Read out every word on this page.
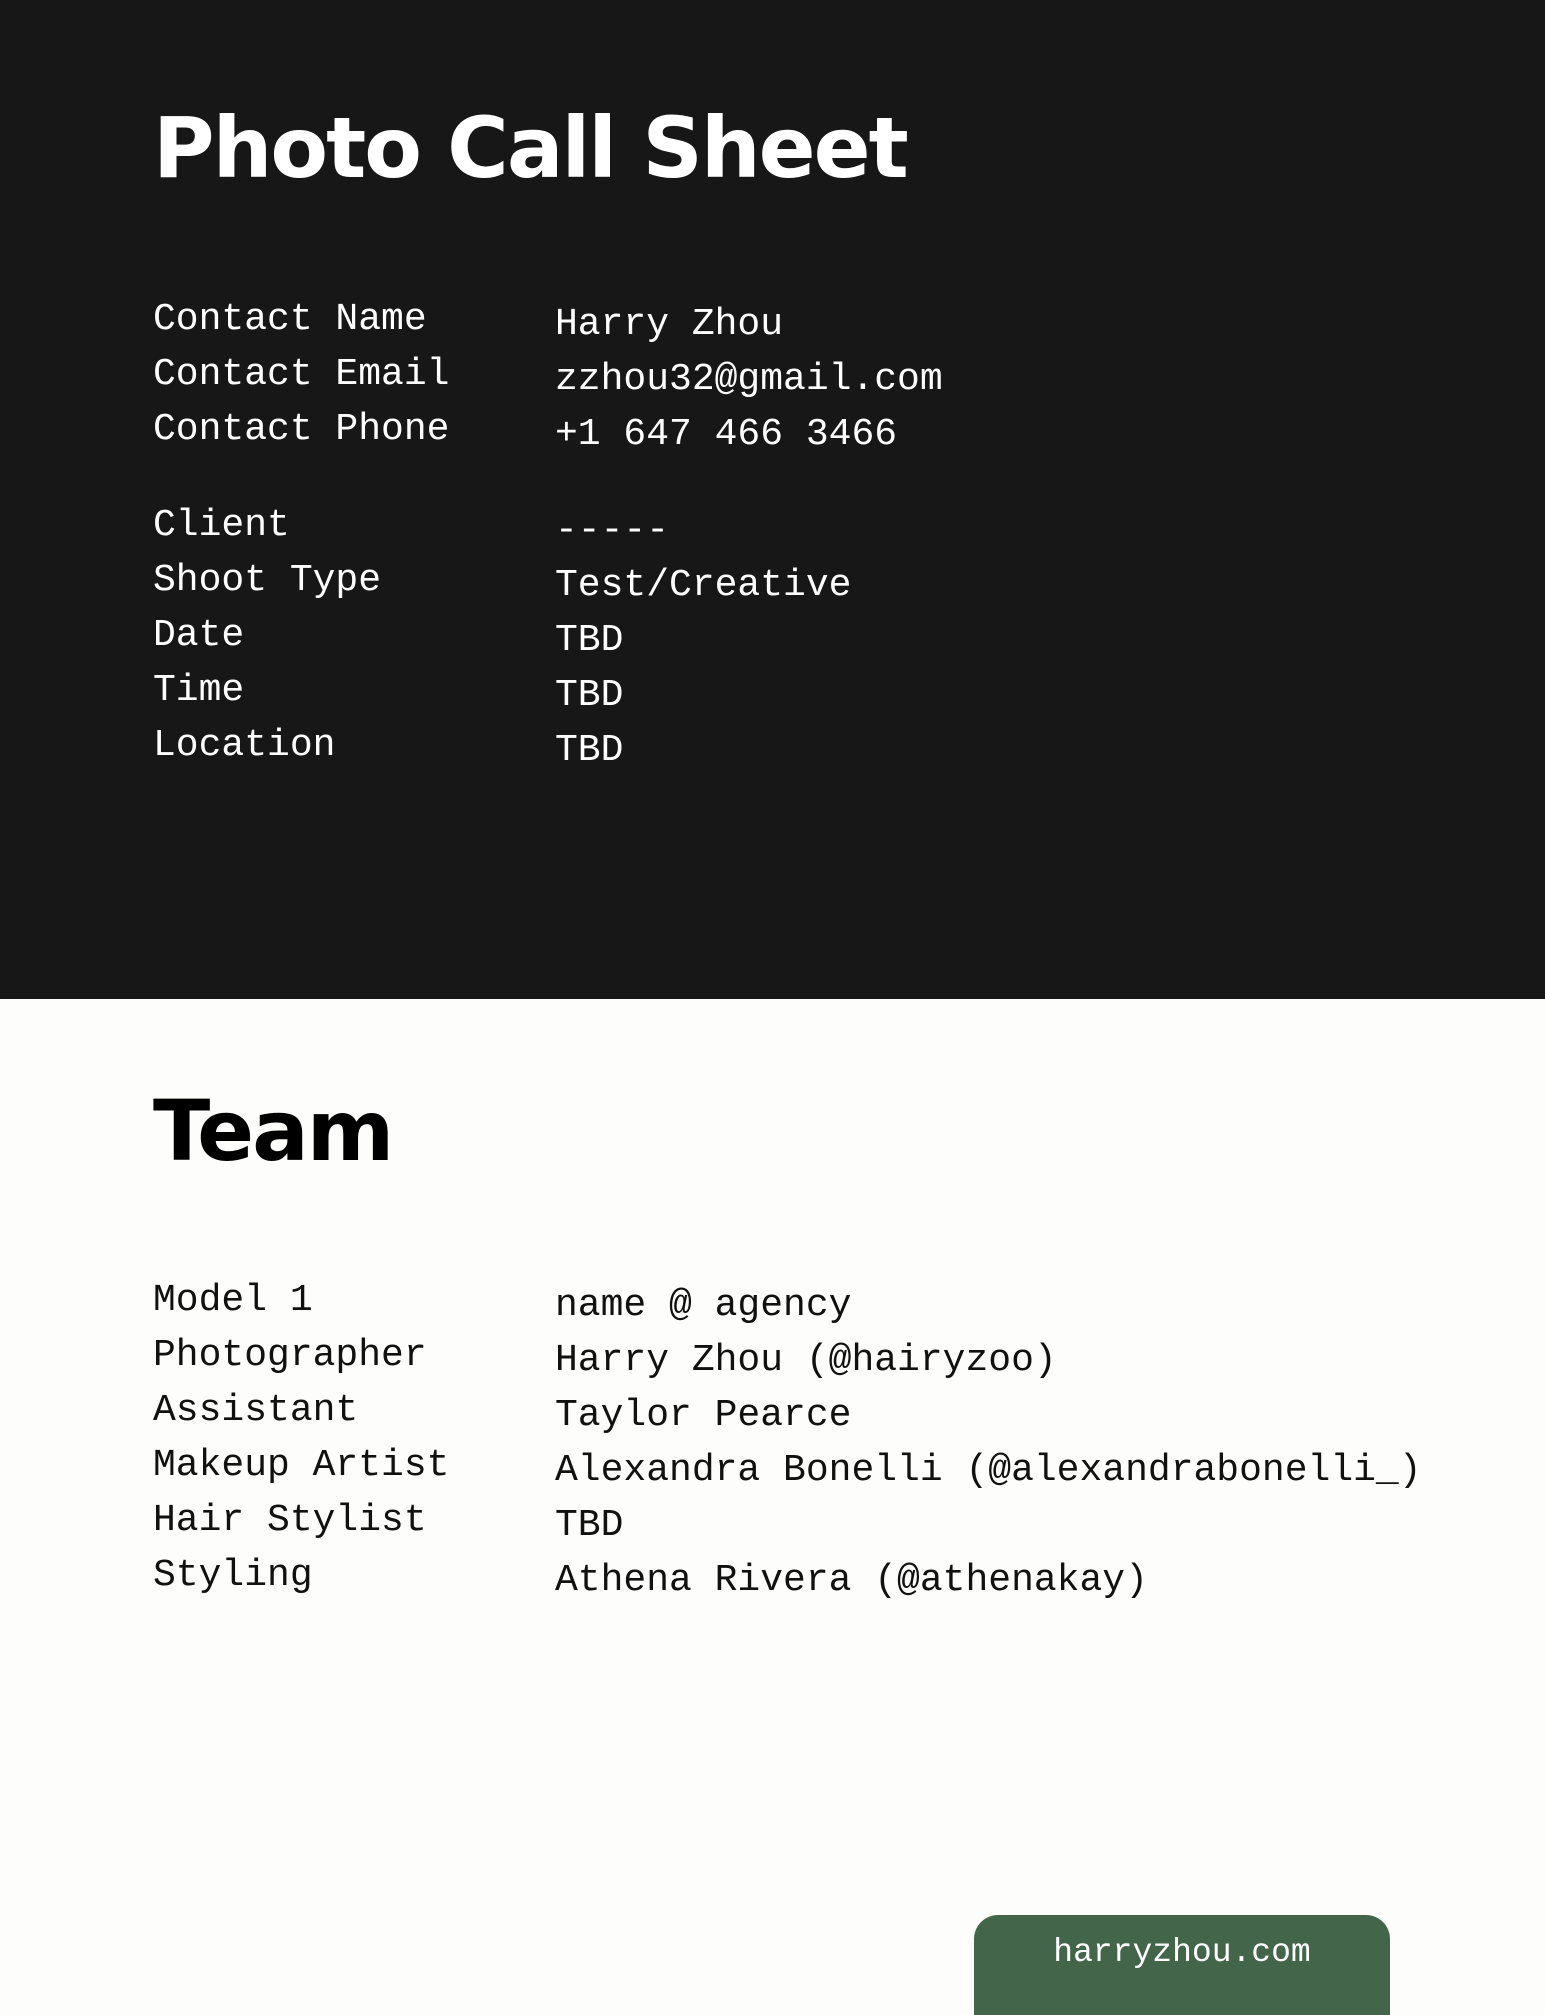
Photo Call Sheet
Contact Name	Harry Zhou
Contact Email	zzhou32@gmail.com
Contact Phone	+1 647 466 3466
Client	-----
Shoot Type	Test/Creative
Date	TBD
Time	TBD
Location	TBD
Team
Model 1	name @ agency
Photographer	Harry Zhou (@hairyzoo)
Assistant	Taylor Pearce
Makeup Artist	Alexandra Bonelli (@alexandrabonelli_)
Hair Stylist	TBD
Styling	Athena Rivera (@athenakay)
harryzhou.com
